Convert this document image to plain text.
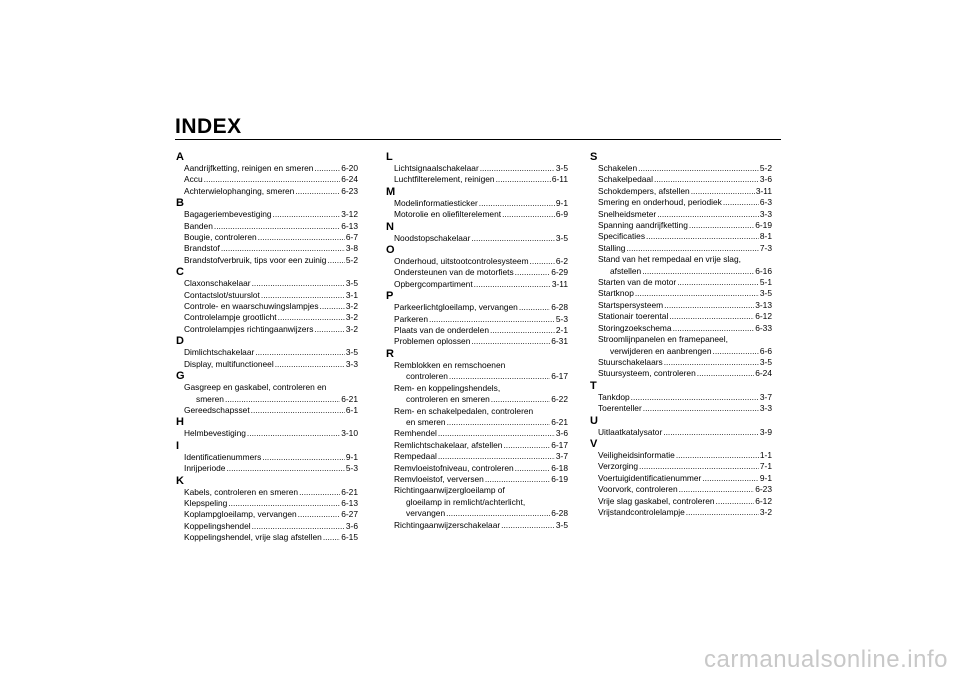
INDEX
A
Aandrijfketting, reinigen en smeren .....	6-20
Accu .....	6-24
Achterwielophanging, smeren .....	6-23
B
Bagageriembevestiging .....	3-12
Banden .....	6-13
Bougie, controleren .....	6-7
Brandstof .....	3-8
Brandstofverbruik, tips voor een zuinig ..... 5-2
C
Claxonschakelaar .....	3-5
Contactslot/stuurslot .....	3-1
Controle- en waarschuwingslampjes .....	3-2
Controlelampje grootlicht .....	3-2
Controlelampjes richtingaanwijzers .....	3-2
D
Dimlichtschakelaar .....	3-5
Display, multifunctioneel .....	3-3
G
Gasgreep en gaskabel, controleren en
smeren .....	6-21
Gereedschapsset .....	6-1
H
Helmbevestiging .....	3-10
I
Identificatienummers .....	9-1
Inrijperiode .....	5-3
K
Kabels, controleren en smeren .....	6-21
Klepspeling .....	6-13
Koplampgloeilamp, vervangen .....	6-27
Koppelingshendel .....	3-6
Koppelingshendel, vrije slag afstellen ..... 6-15
L
Lichtsignaalschakelaar .....	3-5
Luchtfilterelement, reinigen .....	6-11
M
Modelinformatiesticker .....	9-1
Motorolie en oliefilterelement .....	6-9
N
Noodstopschakelaar .....	3-5
O
Onderhoud, uitstootcontrolesysteem .....	6-2
Ondersteunen van de motorfiets .....	6-29
Opbergcompartiment .....	3-11
P
Parkeerlichtgloeilamp, vervangen .....	6-28
Parkeren .....	5-3
Plaats van de onderdelen .....	2-1
Problemen oplossen .....	6-31
R
Remblokken en remschoenen
controleren .....	6-17
Rem- en koppelingshendels,
controleren en smeren .....	6-22
Rem- en schakelpedalen, controleren
en smeren .....	6-21
Remhendel .....	3-6
Remlichtschakelaar, afstellen .....	6-17
Rempedaal .....	3-7
Remvloeistofniveau, controleren .....	6-18
Remvloeistof, verversen .....	6-19
Richtingaanwijzergloeilamp of
gloeilamp in remlicht/achterlicht,
vervangen .....	6-28
Richtingaanwijzerschakelaar .....	3-5
S
Schakelen .....	5-2
Schakelpedaal .....	3-6
Schokdempers, afstellen .....	3-11
Smering en onderhoud, periodiek .....	6-3
Snelheidsmeter .....	3-3
Spanning aandrijfketting .....	6-19
Specificaties .....	8-1
Stalling .....	7-3
Stand van het rempedaal en vrije slag,
afstellen .....	6-16
Starten van de motor .....	5-1
Startknop .....	3-5
Startspersysteem .....	3-13
Stationair toerental .....	6-12
Storingzoekschema .....	6-33
Stroomlijnpanelen en framepaneel,
verwijderen en aanbrengen .....	6-6
Stuurschakelaars .....	3-5
Stuursysteem, controleren .....	6-24
T
Tankdop .....	3-7
Toerenteller .....	3-3
U
Uitlaatkatalysator .....	3-9
V
Veiligheidsinformatie .....	1-1
Verzorging .....	7-1
Voertuigidentificatienummer .....	9-1
Voorvork, controleren .....	6-23
Vrije slag gaskabel, controleren .....	6-12
Vrijstandcontrolelampje .....	3-2
carmanualsonline.info
